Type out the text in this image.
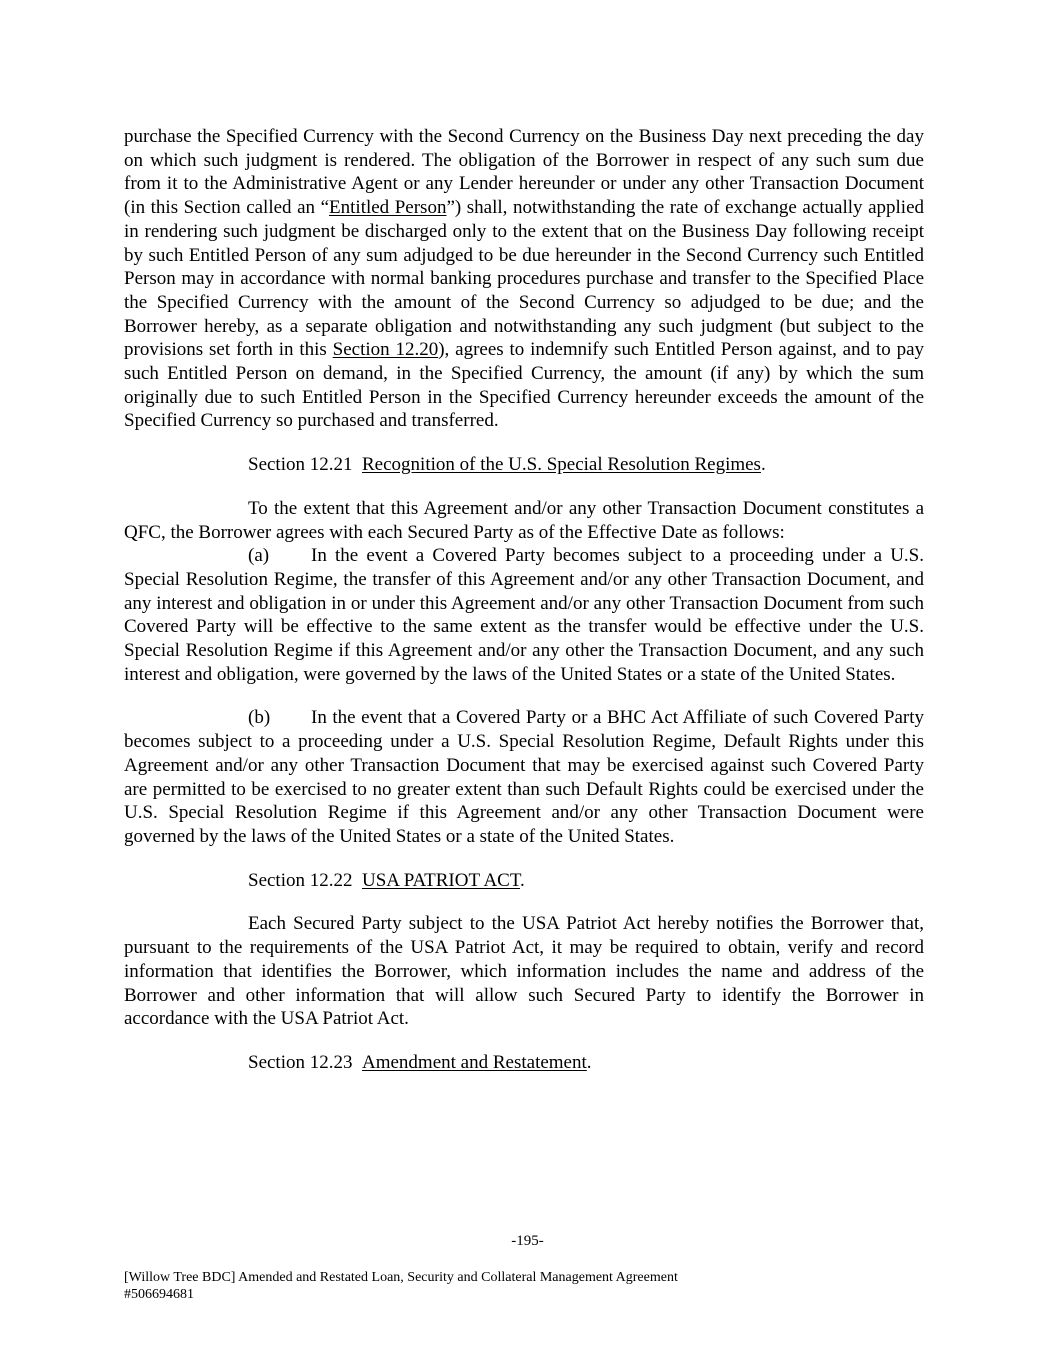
purchase the Specified Currency with the Second Currency on the Business Day next preceding the day on which such judgment is rendered. The obligation of the Borrower in respect of any such sum due from it to the Administrative Agent or any Lender hereunder or under any other Transaction Document (in this Section called an “Entitled Person”) shall, notwithstanding the rate of exchange actually applied in rendering such judgment be discharged only to the extent that on the Business Day following receipt by such Entitled Person of any sum adjudged to be due hereunder in the Second Currency such Entitled Person may in accordance with normal banking procedures purchase and transfer to the Specified Place the Specified Currency with the amount of the Second Currency so adjudged to be due; and the Borrower hereby, as a separate obligation and notwithstanding any such judgment (but subject to the provisions set forth in this Section 12.20), agrees to indemnify such Entitled Person against, and to pay such Entitled Person on demand, in the Specified Currency, the amount (if any) by which the sum originally due to such Entitled Person in the Specified Currency hereunder exceeds the amount of the Specified Currency so purchased and transferred.

Section 12.21 Recognition of the U.S. Special Resolution Regimes.

To the extent that this Agreement and/or any other Transaction Document constitutes a QFC, the Borrower agrees with each Secured Party as of the Effective Date as follows:

(a) In the event a Covered Party becomes subject to a proceeding under a U.S. Special Resolution Regime, the transfer of this Agreement and/or any other Transaction Document, and any interest and obligation in or under this Agreement and/or any other Transaction Document from such Covered Party will be effective to the same extent as the transfer would be effective under the U.S. Special Resolution Regime if this Agreement and/or any other the Transaction Document, and any such interest and obligation, were governed by the laws of the United States or a state of the United States.

(b) In the event that a Covered Party or a BHC Act Affiliate of such Covered Party becomes subject to a proceeding under a U.S. Special Resolution Regime, Default Rights under this Agreement and/or any other Transaction Document that may be exercised against such Covered Party are permitted to be exercised to no greater extent than such Default Rights could be exercised under the U.S. Special Resolution Regime if this Agreement and/or any other Transaction Document were governed by the laws of the United States or a state of the United States.

Section 12.22 USA PATRIOT ACT.

Each Secured Party subject to the USA Patriot Act hereby notifies the Borrower that, pursuant to the requirements of the USA Patriot Act, it may be required to obtain, verify and record information that identifies the Borrower, which information includes the name and address of the Borrower and other information that will allow such Secured Party to identify the Borrower in accordance with the USA Patriot Act.

Section 12.23 Amendment and Restatement.

-195-
[Willow Tree BDC] Amended and Restated Loan, Security and Collateral Management Agreement
#506694681
